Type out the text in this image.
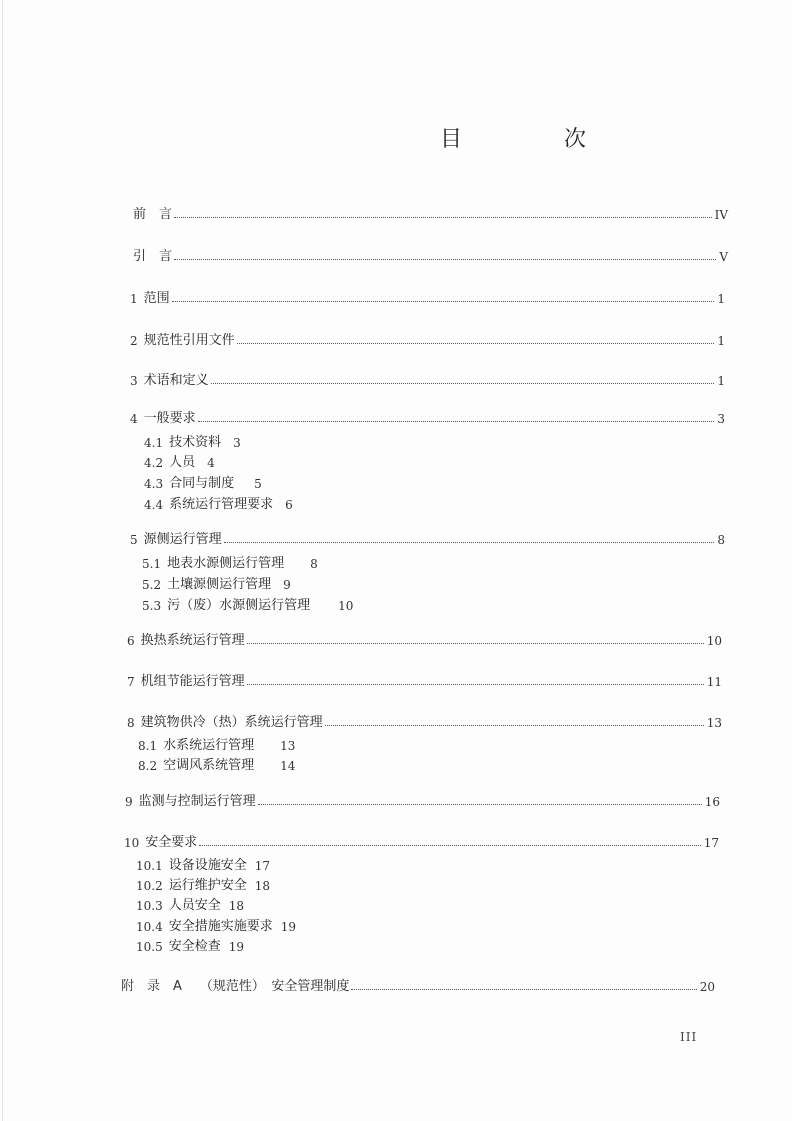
目　次
前　言	IV
引　言	V
1 范围	1
2 规范性引用文件	1
3 术语和定义	1
4 一般要求	3
4.1 技术资料 3
4.2 人员 4
4.3 合同与制度 5
4.4 系统运行管理要求 6
5 源侧运行管理	8
5.1 地表水源侧运行管理 8
5.2 土壤源侧运行管理 9
5.3 污（废）水源侧运行管理 10
6 换热系统运行管理	10
7 机组节能运行管理	11
8 建筑物供冷（热）系统运行管理	13
8.1 水系统运行管理 13
8.2 空调风系统管理 14
9 监测与控制运行管理	16
10 安全要求	17
10.1 设备设施安全 17
10.2 运行维护安全 18
10.3 人员安全 18
10.4 安全措施实施要求 19
10.5 安全检查 19
附　录　A （规范性）　安全管理制度	20
III
